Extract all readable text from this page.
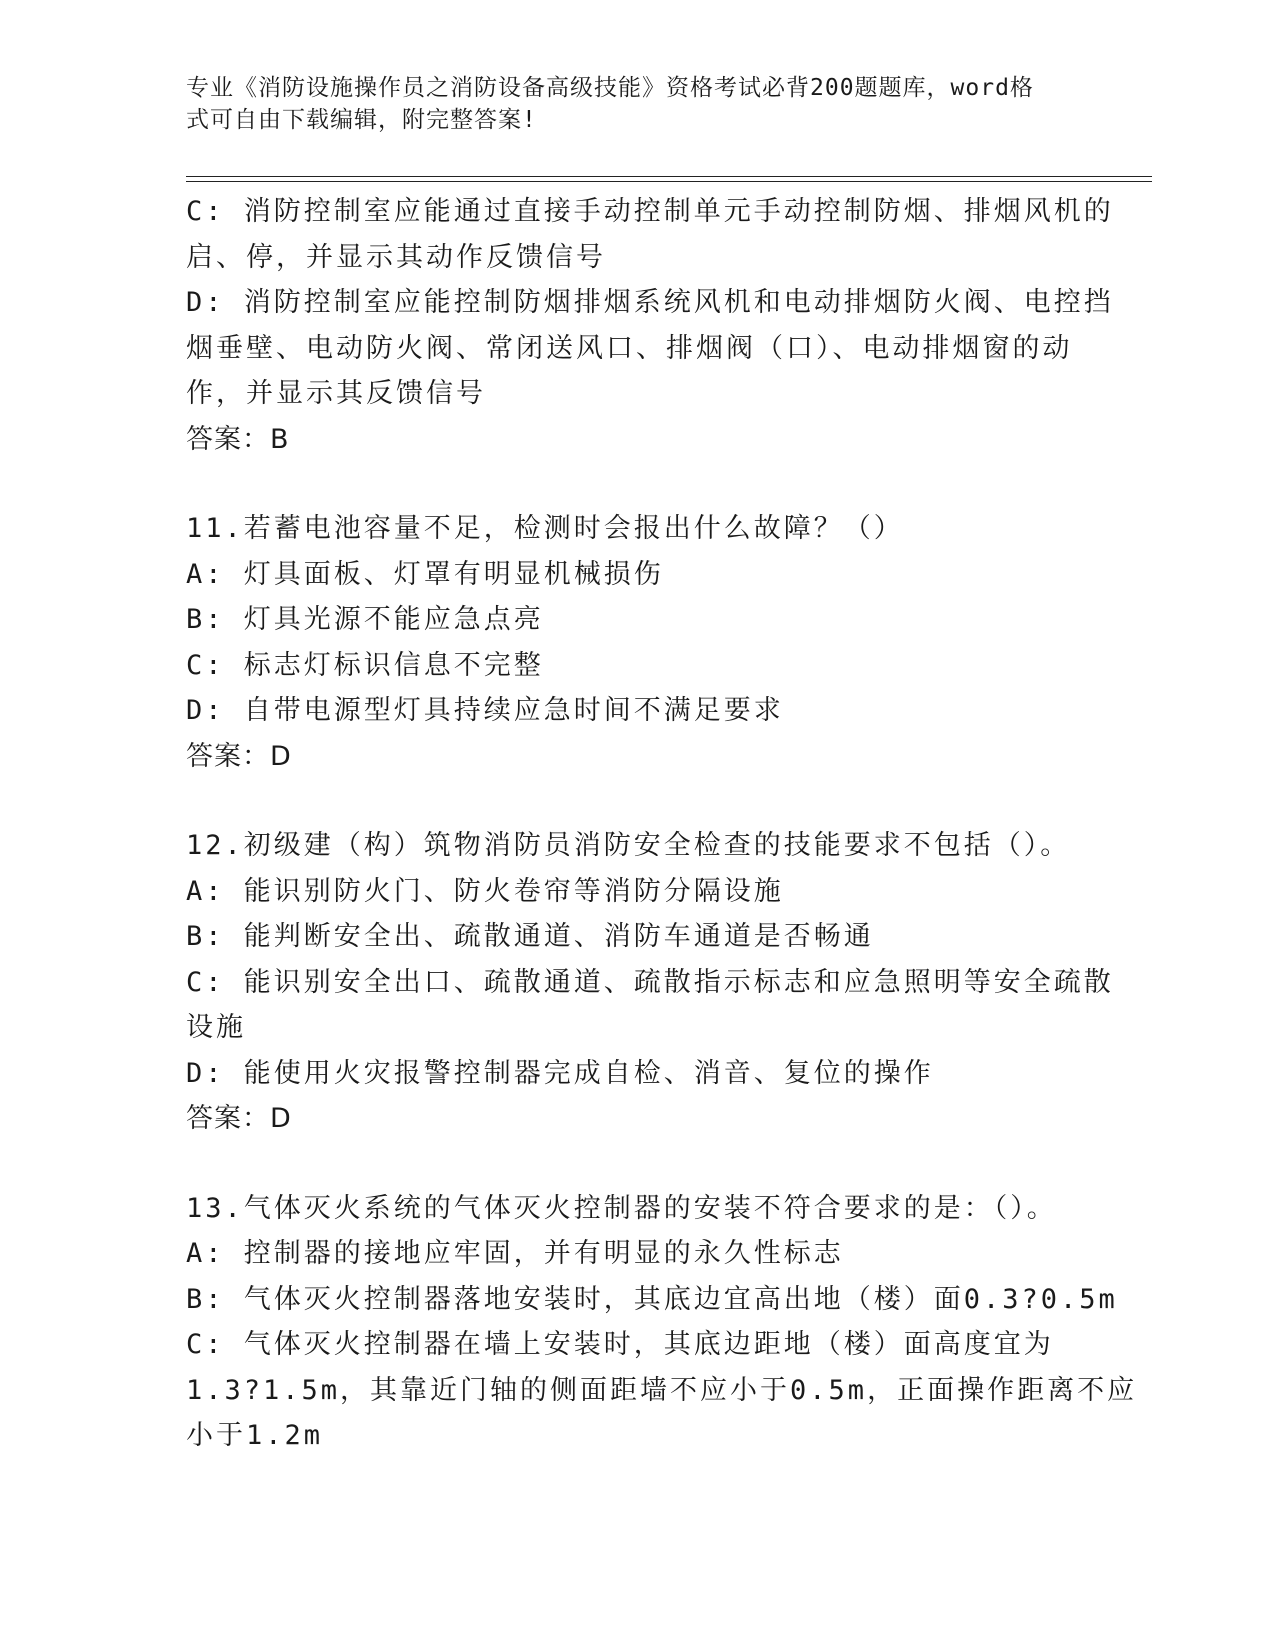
专业《消防设施操作员之消防设备高级技能》资格考试必背200题题库，word格
式可自由下载编辑，附完整答案!
C: 消防控制室应能通过直接手动控制单元手动控制防烟、排烟风机的
启、停，并显示其动作反馈信号
D: 消防控制室应能控制防烟排烟系统风机和电动排烟防火阀、电控挡
烟垂壁、电动防火阀、常闭送风口、排烟阀（口）、电动排烟窗的动
作，并显示其反馈信号
答案：B
11.若蓄电池容量不足，检测时会报出什么故障？（）
A: 灯具面板、灯罩有明显机械损伤
B: 灯具光源不能应急点亮
C: 标志灯标识信息不完整
D: 自带电源型灯具持续应急时间不满足要求
答案：D
12.初级建（构）筑物消防员消防安全检查的技能要求不包括（）。
A: 能识别防火门、防火卷帘等消防分隔设施
B: 能判断安全出、疏散通道、消防车通道是否畅通
C: 能识别安全出口、疏散通道、疏散指示标志和应急照明等安全疏散
设施
D: 能使用火灾报警控制器完成自检、消音、复位的操作
答案：D
13.气体灭火系统的气体灭火控制器的安装不符合要求的是：（）。
A: 控制器的接地应牢固，并有明显的永久性标志
B: 气体灭火控制器落地安装时，其底边宜高出地（楼）面0.3?0.5m
C: 气体灭火控制器在墙上安装时，其底边距地（楼）面高度宜为
1.3?1.5m，其靠近门轴的侧面距墙不应小于0.5m，正面操作距离不应
小于1.2m
